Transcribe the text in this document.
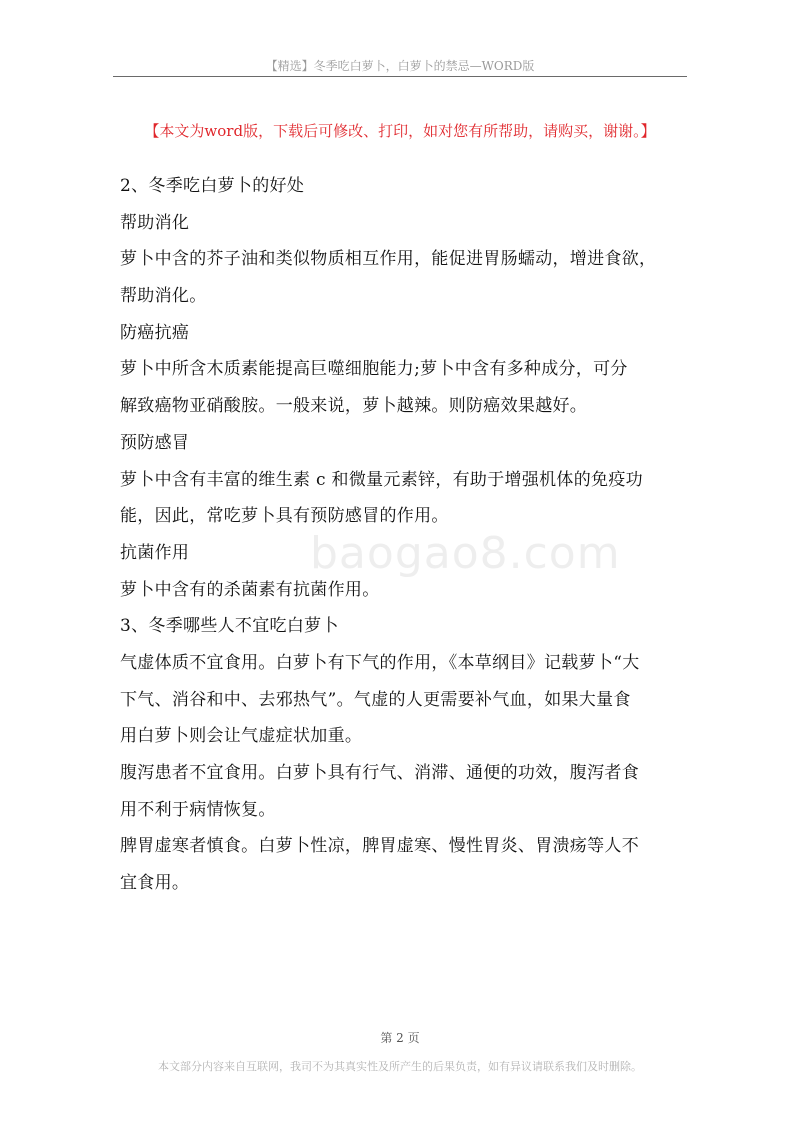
【精选】冬季吃白萝卜，白萝卜的禁忌—WORD版
【本文为word版，下载后可修改、打印，如对您有所帮助，请购买，谢谢。】
baogao8.com
2、冬季吃白萝卜的好处
帮助消化
萝卜中含的芥子油和类似物质相互作用，能促进胃肠蠕动，增进食欲，
帮助消化。
防癌抗癌
萝卜中所含木质素能提高巨噬细胞能力;萝卜中含有多种成分，可分
解致癌物亚硝酸胺。一般来说，萝卜越辣。则防癌效果越好。
预防感冒
萝卜中含有丰富的维生素 c 和微量元素锌，有助于增强机体的免疫功
能，因此，常吃萝卜具有预防感冒的作用。
抗菌作用
萝卜中含有的杀菌素有抗菌作用。
3、冬季哪些人不宜吃白萝卜
气虚体质不宜食用。白萝卜有下气的作用，《本草纲目》记载萝卜“大
下气、消谷和中、去邪热气”。气虚的人更需要补气血，如果大量食
用白萝卜则会让气虚症状加重。
腹泻患者不宜食用。白萝卜具有行气、消滞、通便的功效，腹泻者食
用不利于病情恢复。
脾胃虚寒者慎食。白萝卜性凉，脾胃虚寒、慢性胃炎、胃溃疡等人不
宜食用。
第 2 页
本文部分内容来自互联网，我司不为其真实性及所产生的后果负责，如有异议请联系我们及时删除。
